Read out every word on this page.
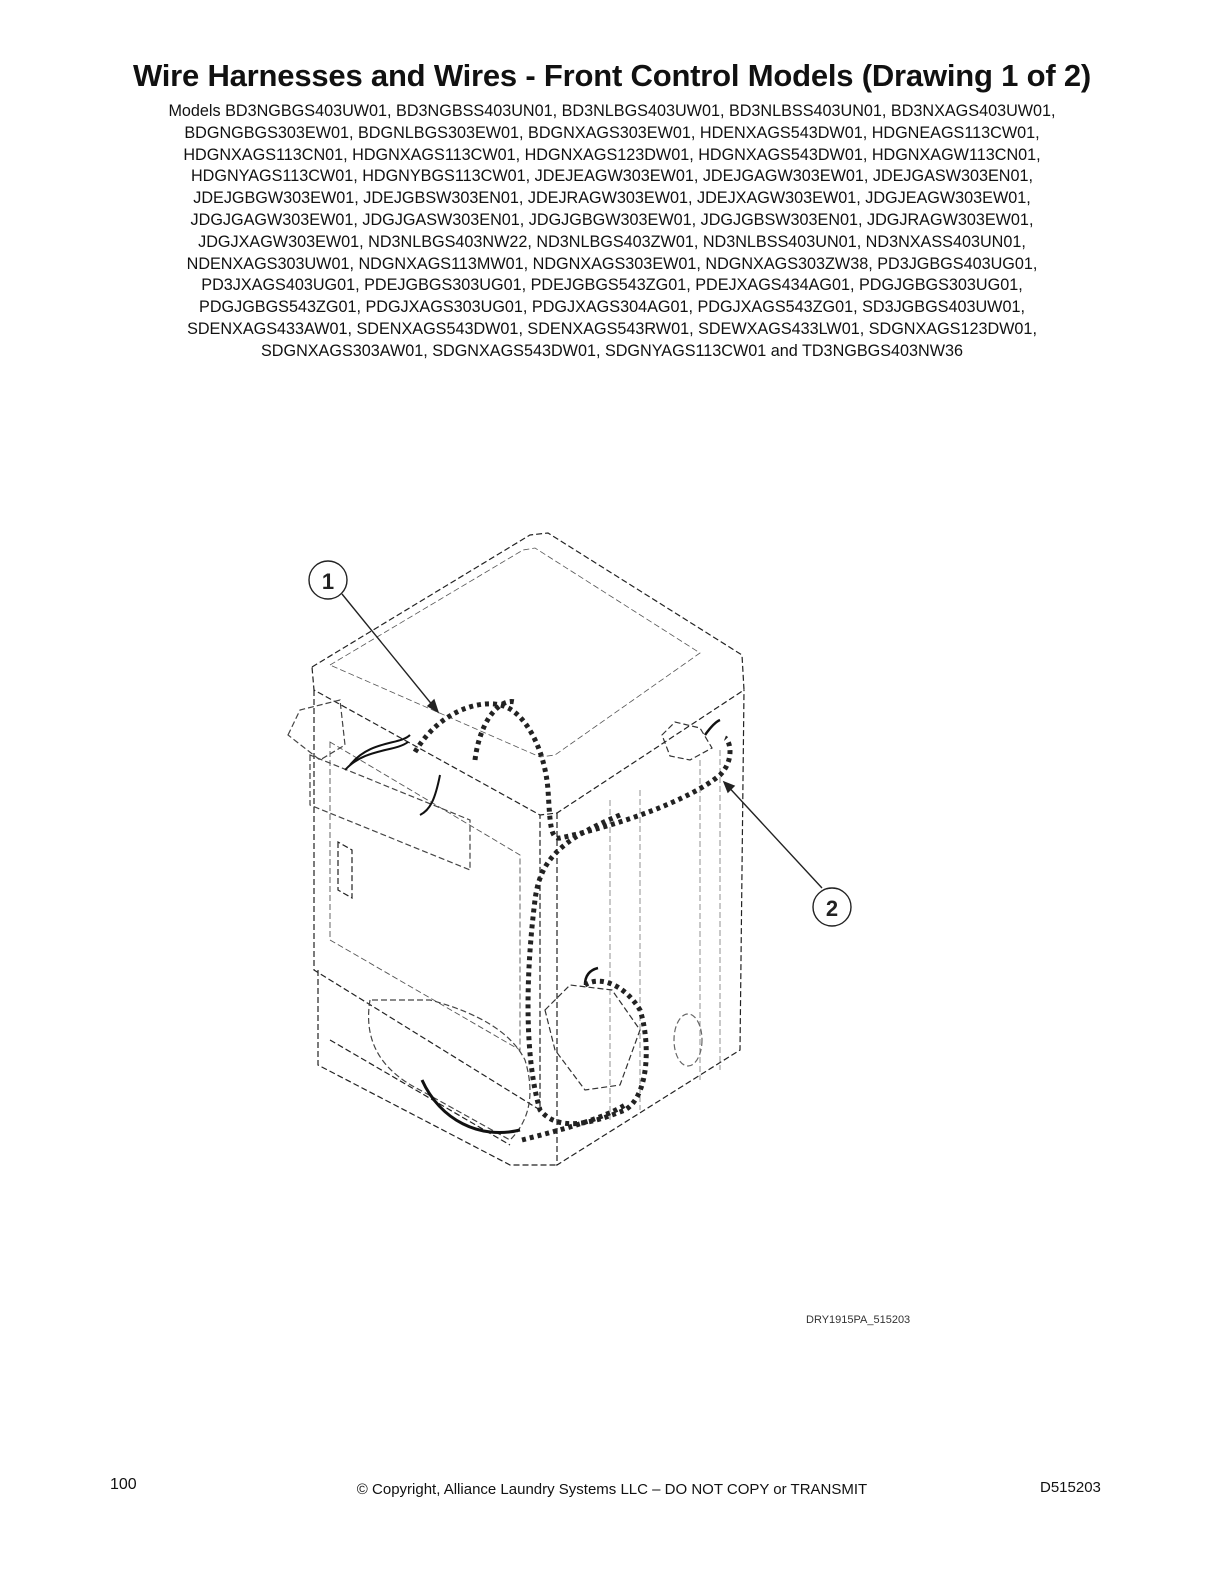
Wire Harnesses and Wires - Front Control Models (Drawing 1 of 2)
Models BD3NGBGS403UW01, BD3NGBSS403UN01, BD3NLBGS403UW01, BD3NLBSS403UN01, BD3NXAGS403UW01,
BDGNGBGS303EW01, BDGNLBGS303EW01, BDGNXAGS303EW01, HDENXAGS543DW01, HDGNEAGS113CW01,
HDGNXAGS113CN01, HDGNXAGS113CW01, HDGNXAGS123DW01, HDGNXAGS543DW01, HDGNXAGW113CN01,
HDGNYAGS113CW01, HDGNYBGS113CW01, JDEJEAGW303EW01, JDEJGAGW303EW01, JDEJGASW303EN01,
JDEJGBGW303EW01, JDEJGBSW303EN01, JDEJRAGW303EW01, JDEJXAGW303EW01, JDGJEAGW303EW01,
JDGJGAGW303EW01, JDGJGASW303EN01, JDGJGBGW303EW01, JDGJGBSW303EN01, JDGJRAGW303EW01,
JDGJXAGW303EW01, ND3NLBGS403NW22, ND3NLBGS403ZW01, ND3NLBSS403UN01, ND3NXASS403UN01,
NDENXAGS303UW01, NDGNXAGS113MW01, NDGNXAGS303EW01, NDGNXAGS303ZW38, PD3JGBGS403UG01,
PD3JXAGS403UG01, PDEJGBGS303UG01, PDEJGBGS543ZG01, PDEJXAGS434AG01, PDGJGBGS303UG01,
PDGJGBGS543ZG01, PDGJXAGS303UG01, PDGJXAGS304AG01, PDGJXAGS543ZG01, SD3JGBGS403UW01,
SDENXAGS433AW01, SDENXAGS543DW01, SDENXAGS543RW01, SDEWXAGS433LW01, SDGNXAGS123DW01,
SDGNXAGS303AW01, SDGNXAGS543DW01, SDGNYAGS113CW01 and TD3NGBGS403NW36
1
2
DRY1915PA_515203
100	© Copyright, Alliance Laundry Systems LLC – DO NOT COPY or TRANSMIT	D515203
